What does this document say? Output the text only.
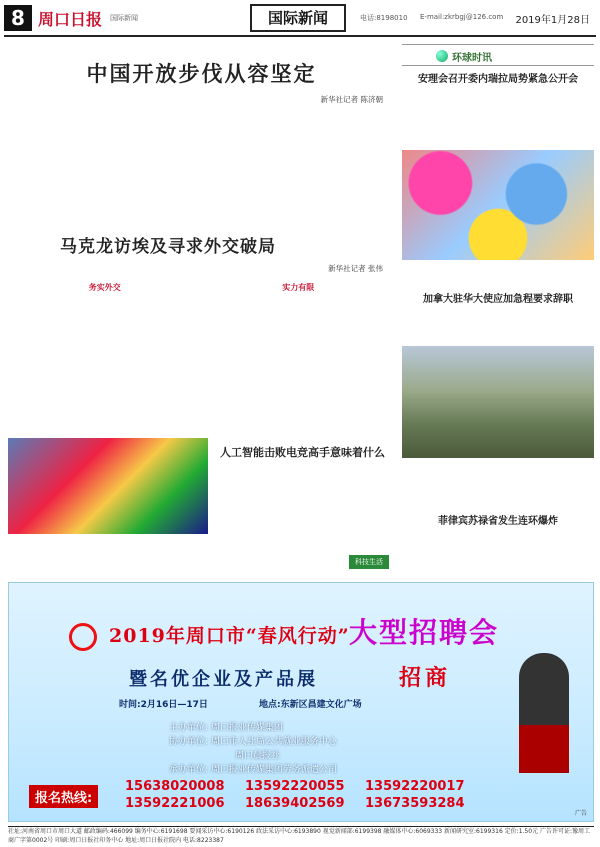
8 周口日报 国际新闻	国际新闻	电话:8198010 E-mail:zkrbgj@126.com 2019年1月28日
中国开放步伐从容坚定
新华社记者 陈济朝
马克龙访埃及寻求外交破局
新华社记者 张伟
务实外交	实力有限
人工智能击败电竞高手意味着什么
科技生活
环球时讯
安理会召开委内瑞拉局势紧急公开会
加拿大驻华大使应加急程要求辞职
菲律宾苏禄省发生连环爆炸
2019年周口市“春风行动” 大型招聘会
暨名优企业及产品展	招商
时间:2月16日—17日	地点:东新区昌建文化广场
主办单位: 周口报业传媒集团
协办单位: 周口市人社局公共就业服务中心
周口晨报社
承办单位: 周口报业传媒集团劳务派遣公司
报名热线:
15638020008	13592220055	13592220017
13592221006	18639402569	13673593284
广告
社址:河南省周口市周口大道 邮政编码:466099 编务中心:6191698 要闻采访中心:6190126 政法采访中心:6193890 视觉新闻部:6199398 融媒体中心:6069333 新闻研究室:6199316 定价:1.50元 广告许可证:豫周工商广字第0002号 印刷:周口日报社印务中心 地址:周口日报社院内 电话:8223387
